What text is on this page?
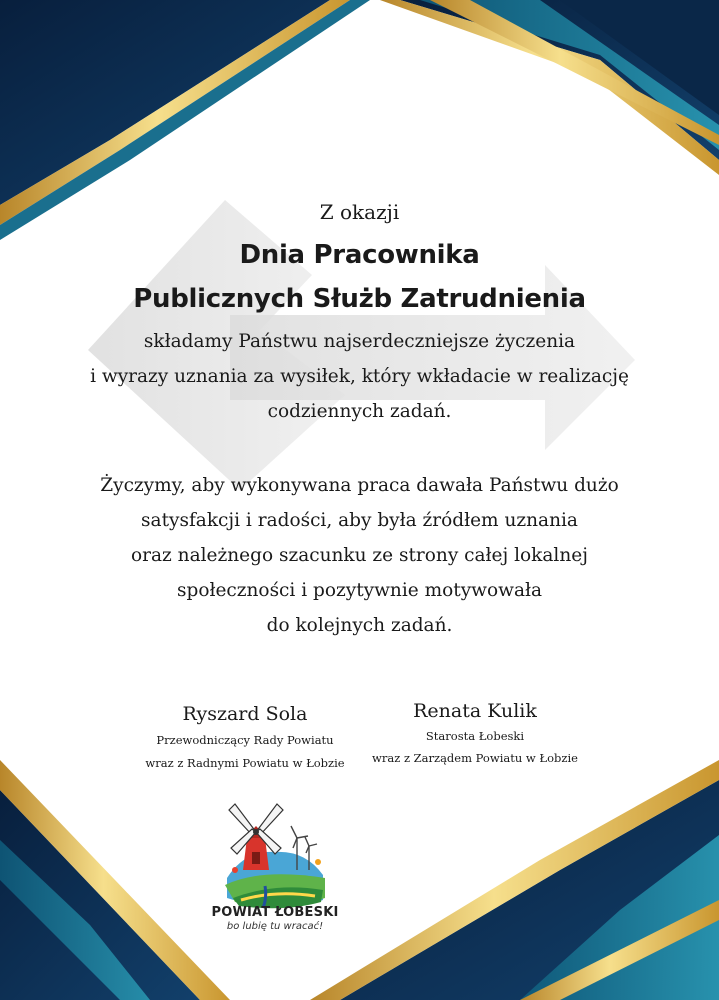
Z okazji
Dnia Pracownika
Publicznych Służb Zatrudnienia
składamy Państwu najserdeczniejsze życzenia
i wyrazy uznania za wysiłek, który wkładacie w realizację
codziennych zadań.
Życzymy, aby wykonywana praca dawała Państwu dużo
satysfakcji i radości, aby była źródłem uznania
oraz należnego szacunku ze strony całej lokalnej
społeczności i pozytywnie motywowała
do kolejnych zadań.
Ryszard Sola
Przewodniczący Rady Powiatu
wraz z Radnymi Powiatu w Łobzie
Renata Kulik
Starosta Łobeski
wraz z Zarządem Powiatu w Łobzie
POWIAT ŁOBESKI
bo lubię tu wracać!
